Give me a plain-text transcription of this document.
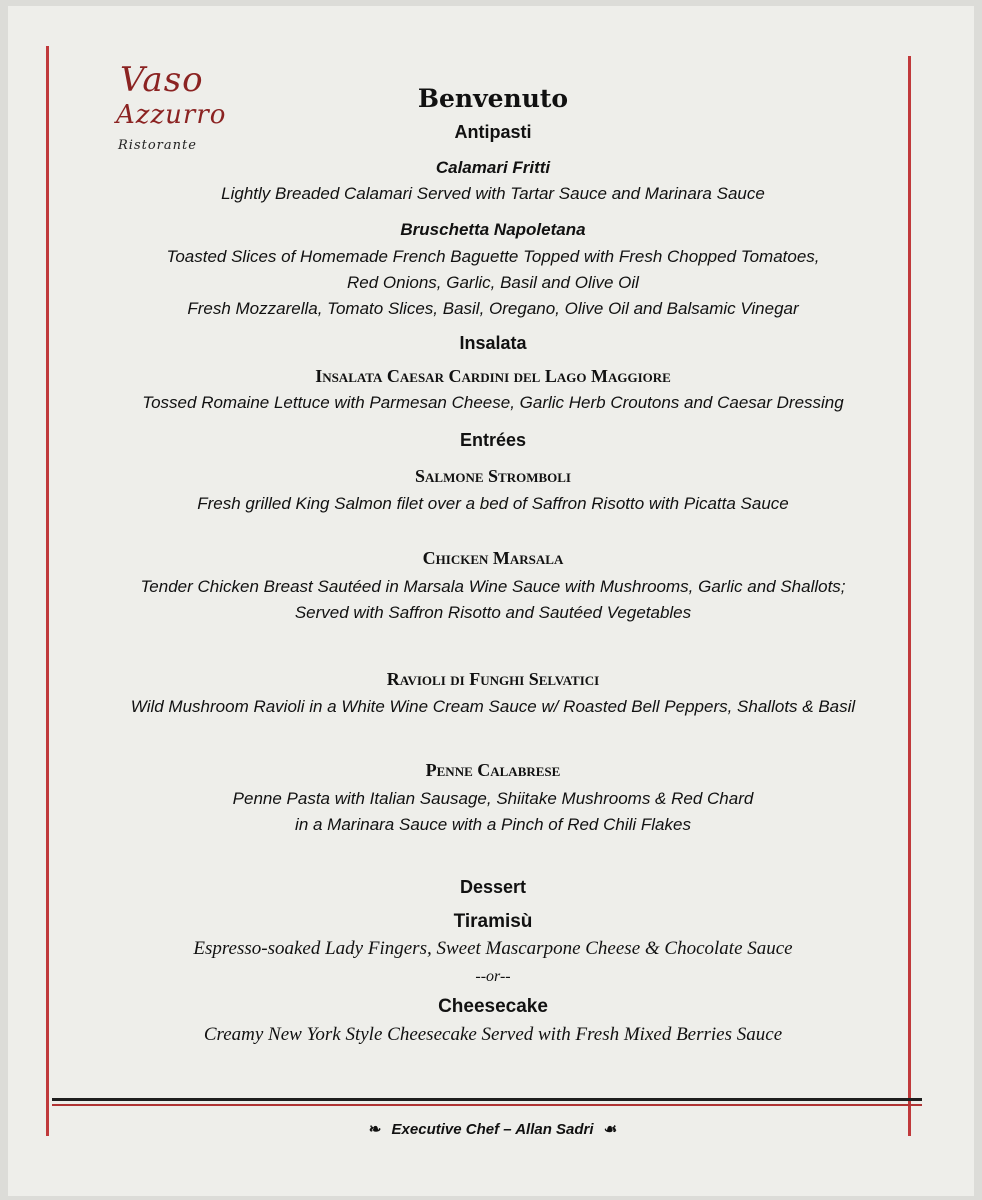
Vaso
Azzurro
Ristorante
Benvenuto
Antipasti
Calamari Fritti
Lightly Breaded Calamari Served with Tartar Sauce and Marinara Sauce
Bruschetta Napoletana
Toasted Slices of Homemade French Baguette Topped with Fresh Chopped Tomatoes,
Red Onions, Garlic, Basil and Olive Oil
Fresh Mozzarella, Tomato Slices, Basil, Oregano, Olive Oil and Balsamic Vinegar
Insalata
Insalata Caesar Cardini del Lago Maggiore
Tossed Romaine Lettuce with Parmesan Cheese, Garlic Herb Croutons and Caesar Dressing
Entrées
Salmone Stromboli
Fresh grilled King Salmon filet over a bed of Saffron Risotto with Picatta Sauce
Chicken Marsala
Tender Chicken Breast Sautéed in Marsala Wine Sauce with Mushrooms, Garlic and Shallots;
Served with Saffron Risotto and Sautéed Vegetables
Ravioli di Funghi Selvatici
Wild Mushroom Ravioli in a White Wine Cream Sauce w/ Roasted Bell Peppers, Shallots & Basil
Penne Calabrese
Penne Pasta with Italian Sausage, Shiitake Mushrooms & Red Chard
in a Marinara Sauce with a Pinch of Red Chili Flakes
Dessert
Tiramisù
Espresso-soaked Lady Fingers, Sweet Mascarpone Cheese & Chocolate Sauce
--or--
Cheesecake
Creamy New York Style Cheesecake Served with Fresh Mixed Berries Sauce
❧ Executive Chef – Allan Sadri ☙
